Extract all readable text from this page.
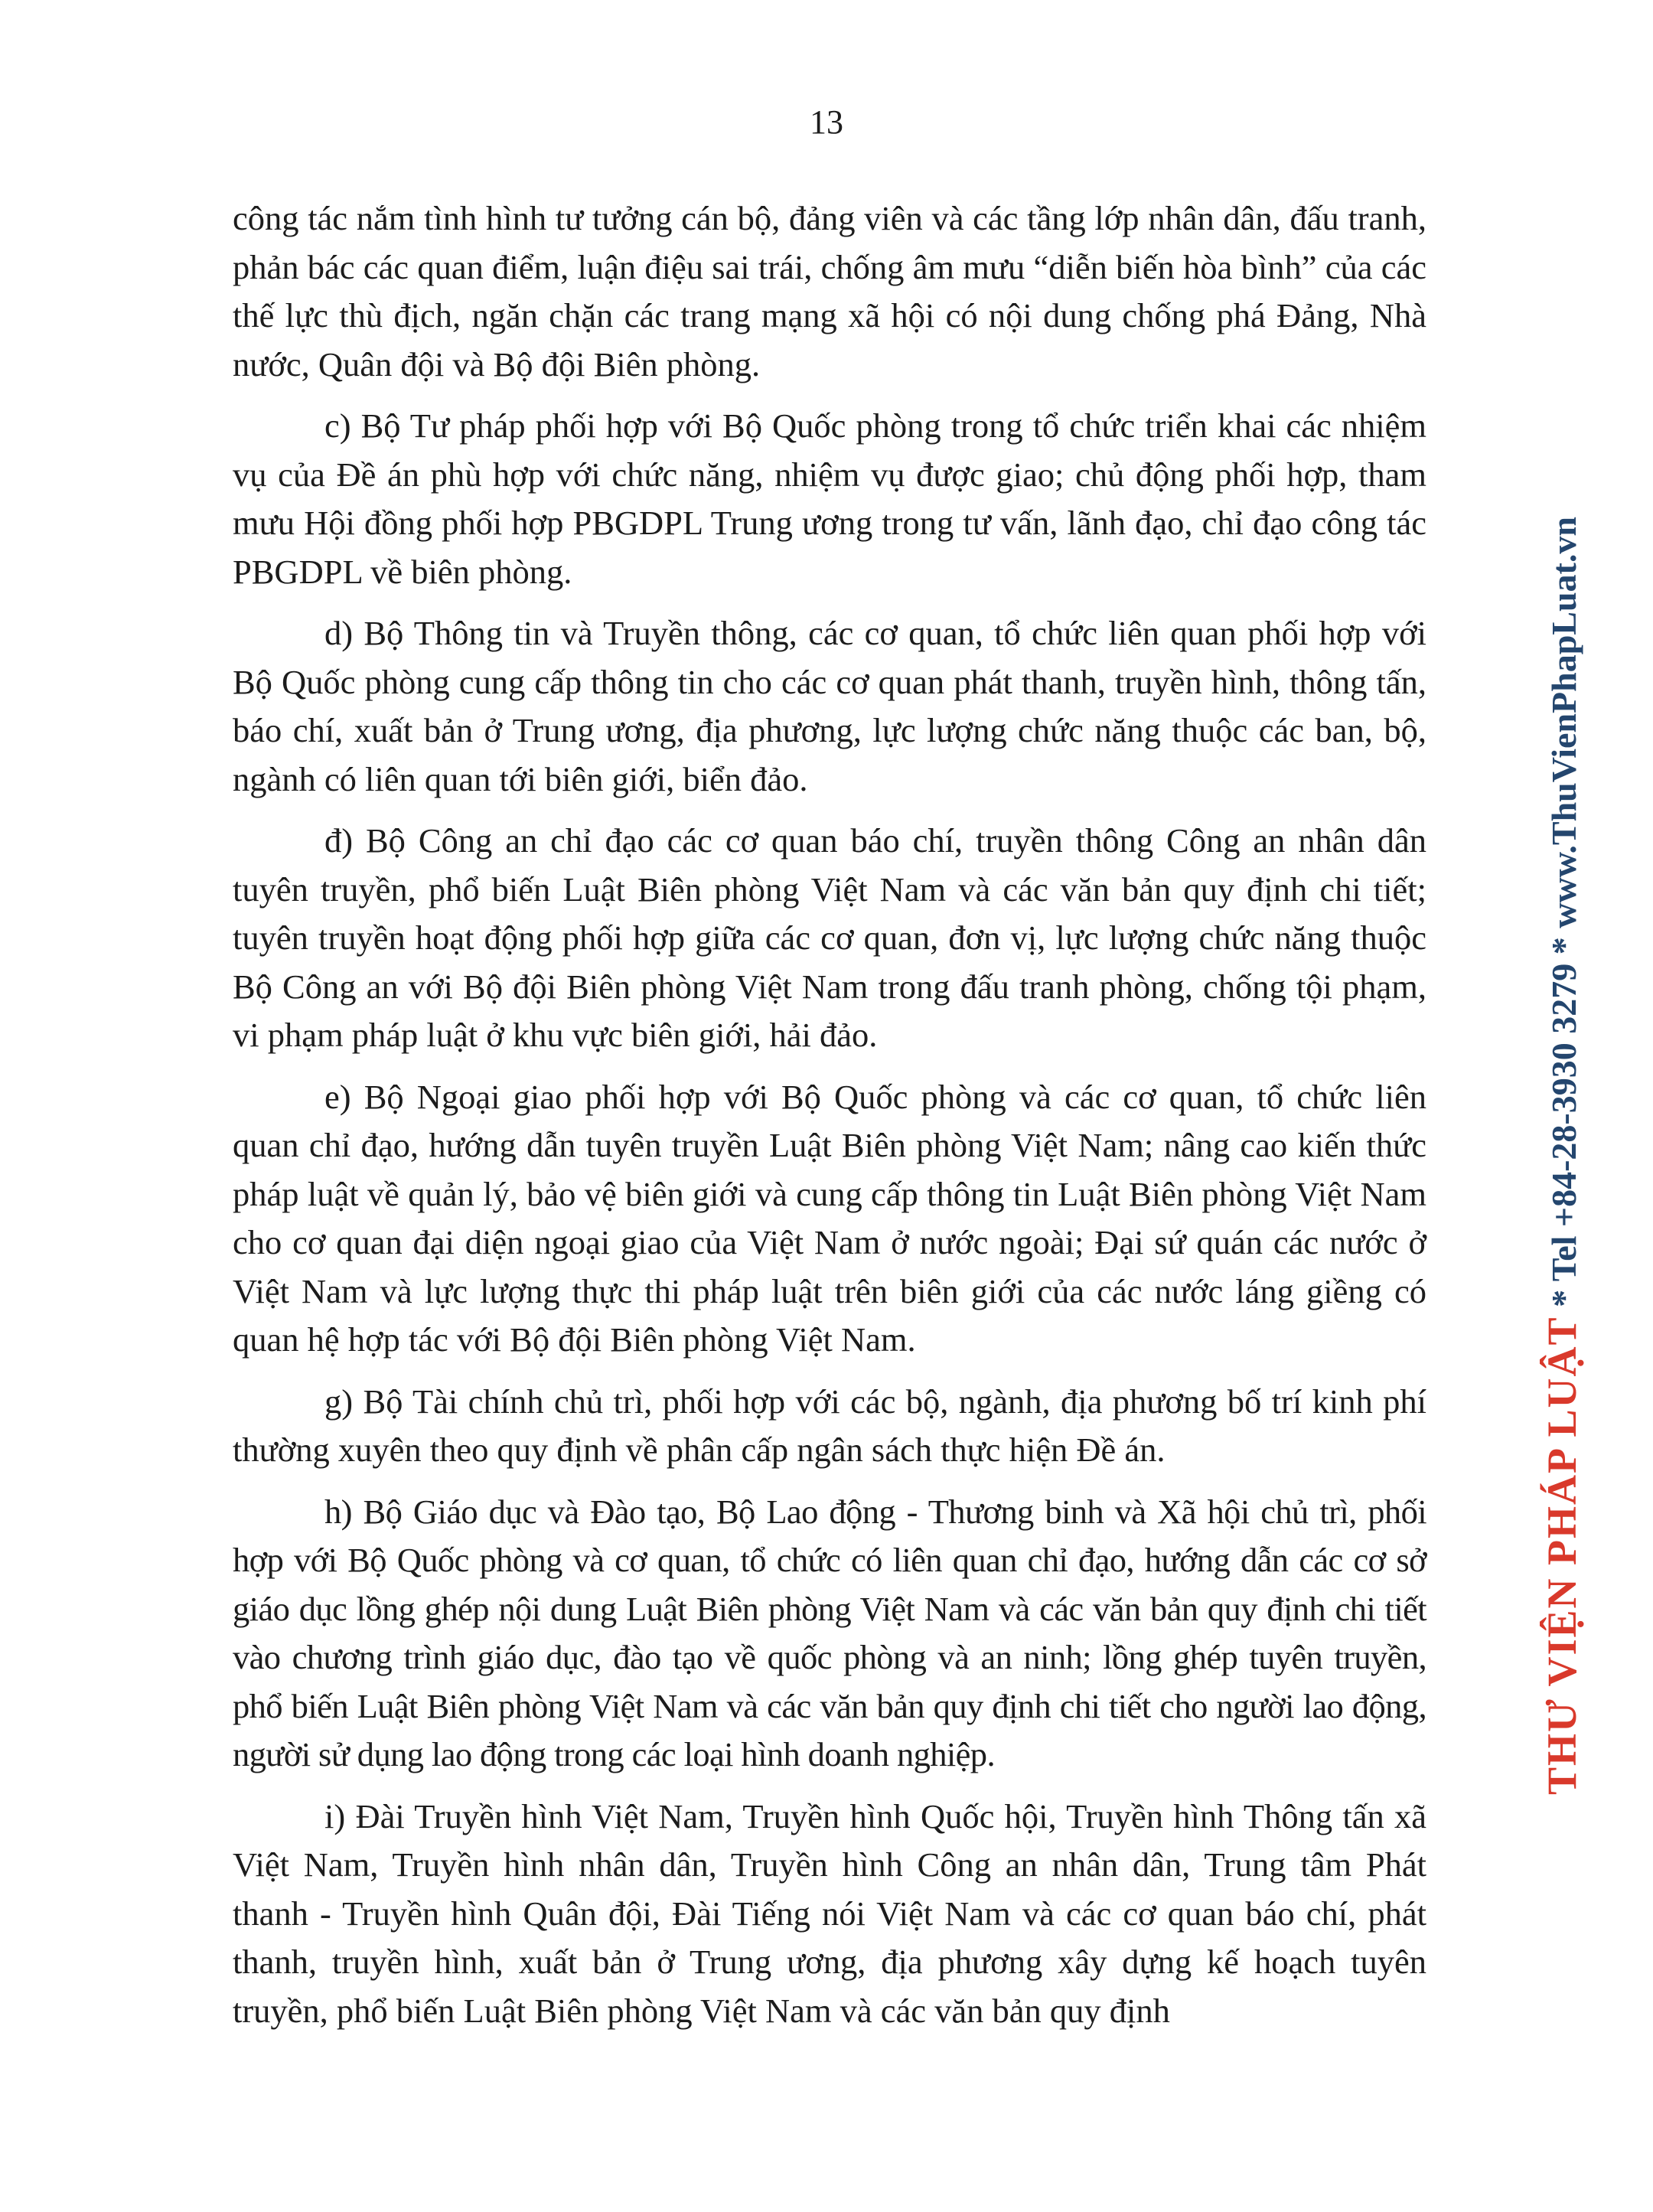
13

công tác nắm tình hình tư tưởng cán bộ, đảng viên và các tầng lớp nhân dân, đấu tranh, phản bác các quan điểm, luận điệu sai trái, chống âm mưu “diễn biến hòa bình” của các thế lực thù địch, ngăn chặn các trang mạng xã hội có nội dung chống phá Đảng, Nhà nước, Quân đội và Bộ đội Biên phòng.

c) Bộ Tư pháp phối hợp với Bộ Quốc phòng trong tổ chức triển khai các nhiệm vụ của Đề án phù hợp với chức năng, nhiệm vụ được giao; chủ động phối hợp, tham mưu Hội đồng phối hợp PBGDPL Trung ương trong tư vấn, lãnh đạo, chỉ đạo công tác PBGDPL về biên phòng.

d) Bộ Thông tin và Truyền thông, các cơ quan, tổ chức liên quan phối hợp với Bộ Quốc phòng cung cấp thông tin cho các cơ quan phát thanh, truyền hình, thông tấn, báo chí, xuất bản ở Trung ương, địa phương, lực lượng chức năng thuộc các ban, bộ, ngành có liên quan tới biên giới, biển đảo.

đ) Bộ Công an chỉ đạo các cơ quan báo chí, truyền thông Công an nhân dân tuyên truyền, phổ biến Luật Biên phòng Việt Nam và các văn bản quy định chi tiết; tuyên truyền hoạt động phối hợp giữa các cơ quan, đơn vị, lực lượng chức năng thuộc Bộ Công an với Bộ đội Biên phòng Việt Nam trong đấu tranh phòng, chống tội phạm, vi phạm pháp luật ở khu vực biên giới, hải đảo.

e) Bộ Ngoại giao phối hợp với Bộ Quốc phòng và các cơ quan, tổ chức liên quan chỉ đạo, hướng dẫn tuyên truyền Luật Biên phòng Việt Nam; nâng cao kiến thức pháp luật về quản lý, bảo vệ biên giới và cung cấp thông tin Luật Biên phòng Việt Nam cho cơ quan đại diện ngoại giao của Việt Nam ở nước ngoài; Đại sứ quán các nước ở Việt Nam và lực lượng thực thi pháp luật trên biên giới của các nước láng giềng có quan hệ hợp tác với Bộ đội Biên phòng Việt Nam.

g) Bộ Tài chính chủ trì, phối hợp với các bộ, ngành, địa phương bố trí kinh phí thường xuyên theo quy định về phân cấp ngân sách thực hiện Đề án.

h) Bộ Giáo dục và Đào tạo, Bộ Lao động - Thương binh và Xã hội chủ trì, phối hợp với Bộ Quốc phòng và cơ quan, tổ chức có liên quan chỉ đạo, hướng dẫn các cơ sở giáo dục lồng ghép nội dung Luật Biên phòng Việt Nam và các văn bản quy định chi tiết vào chương trình giáo dục, đào tạo về quốc phòng và an ninh; lồng ghép tuyên truyền, phổ biến Luật Biên phòng Việt Nam và các văn bản quy định chi tiết cho người lao động, người sử dụng lao động trong các loại hình doanh nghiệp.

i) Đài Truyền hình Việt Nam, Truyền hình Quốc hội, Truyền hình Thông tấn xã Việt Nam, Truyền hình nhân dân, Truyền hình Công an nhân dân, Trung tâm Phát thanh - Truyền hình Quân đội, Đài Tiếng nói Việt Nam và các cơ quan báo chí, phát thanh, truyền hình, xuất bản ở Trung ương, địa phương xây dựng kế hoạch tuyên truyền, phổ biến Luật Biên phòng Việt Nam và các văn bản quy định

THƯ VIỆN PHÁP LUẬT * Tel +84-28-3930 3279 * www.ThuVienPhapLuat.vn
